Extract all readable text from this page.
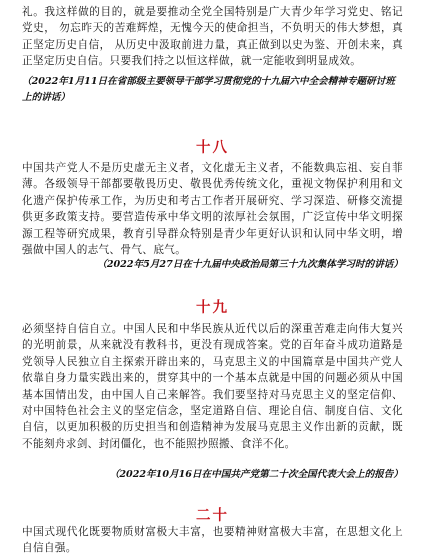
礼。我这样做的目的，就是要推动全党全国特别是广大青少年学习党史、铭记党史， 勿忘昨天的苦难辉煌，无愧今天的使命担当，不负明天的伟大梦想，真正坚定历史自信， 从历史中汲取前进力量，真正做到以史为鉴、开创未来，真正坚定历史自信。只要我们持之以恒这样做，就一定能收到明显成效。

（2022年1月11日在省部级主要领导干部学习贯彻党的十九届六中全会精神专题研讨班上的讲话）

十八

中国共产党人不是历史虚无主义者，文化虚无主义者，不能数典忘祖、妄自菲薄。各级领导干部都要敬畏历史、敬畏优秀传统文化，重视文物保护利用和文化遗产保护传承工作，为历史和考古工作者开展研究、学习深造、研修交流提供更多政策支持。要营造传承中华文明的浓厚社会氛围，广泛宣传中华文明探源工程等研究成果，教育引导群众特别是青少年更好认识和认同中华文明，增强做中国人的志气、骨气、底气。

（2022年5月27日在十九届中央政治局第三十九次集体学习时的讲话）

十九

必须坚持自信自立。中国人民和中华民族从近代以后的深重苦难走向伟大复兴的光明前景，从来就没有教科书，更没有现成答案。党的百年奋斗成功道路是党领导人民独立自主探索开辟出来的，马克思主义的中国篇章是中国共产党人依靠自身力量实践出来的，贯穿其中的一个基本点就是中国的问题必须从中国基本国情出发，由中国人自己来解答。我们要坚持对马克思主义的坚定信仰、对中国特色社会主义的坚定信念，坚定道路自信、理论自信、制度自信、文化自信，以更加积极的历史担当和创造精神为发展马克思主义作出新的贡献，既不能刻舟求剑、封闭僵化，也不能照抄照搬、食洋不化。

（2022年10月16日在中国共产党第二十次全国代表大会上的报告）

二十

中国式现代化既要物质财富极大丰富，也要精神财富极大丰富，在思想文化上自信自强。
